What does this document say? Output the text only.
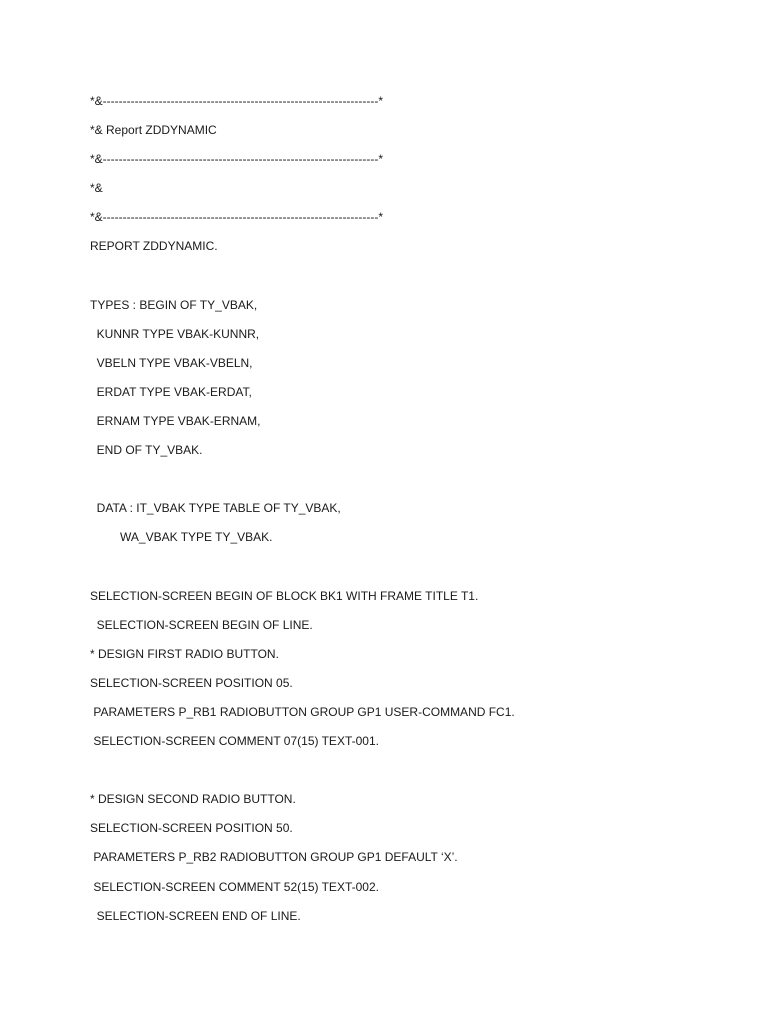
*&---------------------------------------------------------------------*
*& Report ZDDYNAMIC
*&---------------------------------------------------------------------*
*&
*&---------------------------------------------------------------------*
REPORT ZDDYNAMIC.
TYPES : BEGIN OF TY_VBAK,
KUNNR TYPE VBAK-KUNNR,
VBELN TYPE VBAK-VBELN,
ERDAT TYPE VBAK-ERDAT,
ERNAM TYPE VBAK-ERNAM,
END OF TY_VBAK.
DATA : IT_VBAK TYPE TABLE OF TY_VBAK,
WA_VBAK TYPE TY_VBAK.
SELECTION-SCREEN BEGIN OF BLOCK BK1 WITH FRAME TITLE T1.
SELECTION-SCREEN BEGIN OF LINE.
* DESIGN FIRST RADIO BUTTON.
SELECTION-SCREEN POSITION 05.
PARAMETERS P_RB1 RADIOBUTTON GROUP GP1 USER-COMMAND FC1.
SELECTION-SCREEN COMMENT 07(15) TEXT-001.
* DESIGN SECOND RADIO BUTTON.
SELECTION-SCREEN POSITION 50.
PARAMETERS P_RB2 RADIOBUTTON GROUP GP1 DEFAULT ‘X’.
SELECTION-SCREEN COMMENT 52(15) TEXT-002.
SELECTION-SCREEN END OF LINE.
